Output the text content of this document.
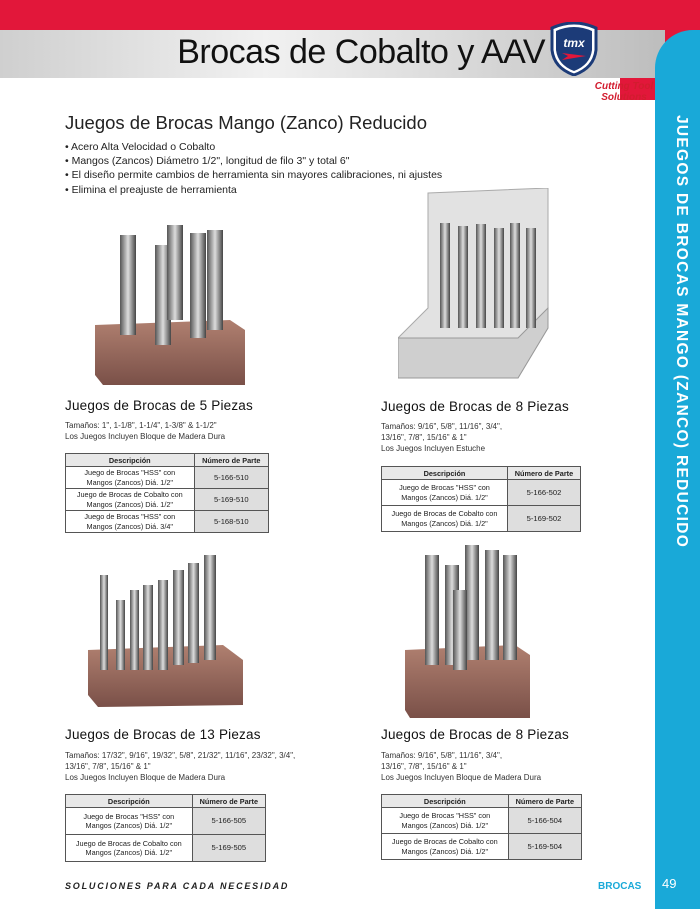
JUEGOS DE BROCAS MANGO (ZANCO) REDUCIDO
Brocas de Cobalto y AAV tmx
Cutting Tool
Solutions
Juegos de Brocas Mango (Zanco) Reducido
• Acero Alta Velocidad o Cobalto
• Mangos (Zancos) Diámetro 1/2", longitud de filo 3" y total 6"
• El diseño permite cambios de herramienta sin mayores calibraciones, ni ajustes
• Elimina el preajuste de herramienta
Juegos de Brocas de 5 Piezas
Tamaños: 1", 1-1/8", 1-1/4", 1-3/8" & 1-1/2"
Los Juegos Incluyen Bloque de Madera Dura
Descripción	Número de Parte

Juego de Brocas "HSS" con
Mangos (Zancos) Diá. 1/2"	5-166-510

Juego de Brocas de Cobalto con
Mangos (Zancos) Diá. 1/2"	5-169-510

Juego de Brocas "HSS" con
Mangos (Zancos) Diá. 3/4"	5-168-510
Juegos de Brocas de 8 Piezas
Tamaños: 9/16", 5/8", 11/16", 3/4",
13/16", 7/8", 15/16" & 1"
Los Juegos Incluyen Estuche
Descripción	Número de Parte

Juego de Brocas "HSS" con
Mangos (Zancos) Diá. 1/2"	5-166-502

Juego de Brocas de Cobalto con
Mangos (Zancos) Diá. 1/2"	5-169-502
Juegos de Brocas de 13 Piezas
Tamaños: 17/32", 9/16", 19/32", 5/8", 21/32", 11/16", 23/32", 3/4",
13/16", 7/8", 15/16" & 1"
Los Juegos Incluyen Bloque de Madera Dura
Descripción	Número de Parte

Juego de Brocas "HSS" con
Mangos (Zancos) Diá. 1/2"	5-166-505

Juego de Brocas de Cobalto con
Mangos (Zancos) Diá. 1/2"	5-169-505
Juegos de Brocas de 8 Piezas
Tamaños: 9/16", 5/8", 11/16", 3/4",
13/16", 7/8", 15/16" & 1"
Los Juegos Incluyen Bloque de Madera Dura
Descripción	Número de Parte

Juego de Brocas "HSS" con
Mangos (Zancos) Diá. 1/2"	5-166-504

Juego de Brocas de Cobalto con
Mangos (Zancos) Diá. 1/2"	5-169-504
SOLUCIONES PARA CADA NECESIDAD	BROCAS 49
